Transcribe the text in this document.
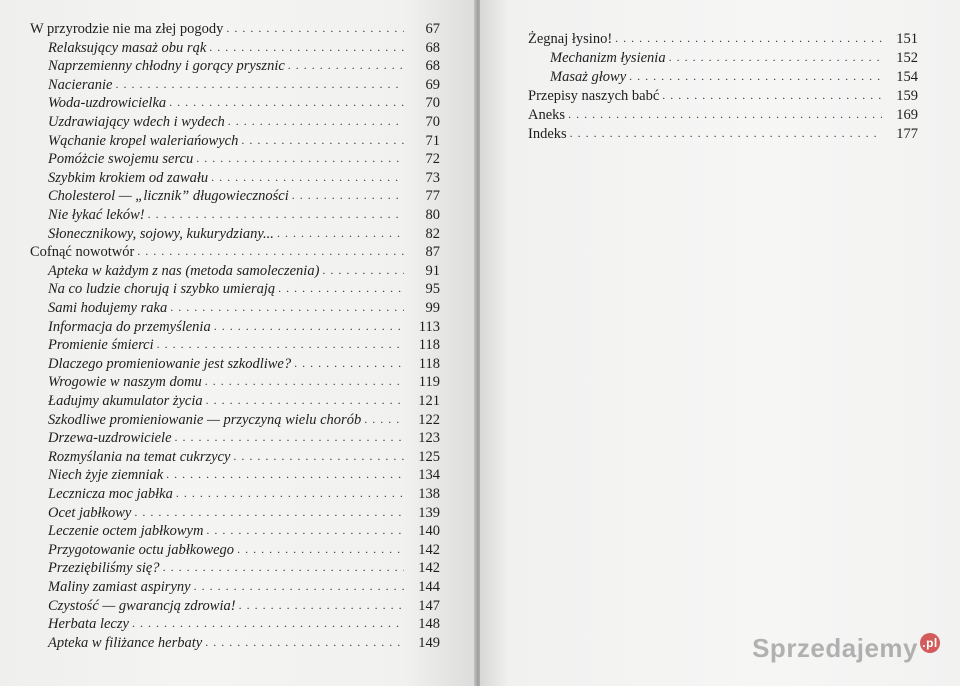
W przyrodzie nie ma złej pogody . . .	67
Relaksujący masaż obu rąk . . .	68
Naprzemienny chłodny i gorący prysznic . . .	68
Nacieranie . . .	69
Woda-uzdrowicielka . . .	70
Uzdrawiający wdech i wydech . . .	70
Wąchanie kropel waleriańowych . . .	71
Pomóżcie swojemu sercu . . .	72
Szybkim krokiem od zawału . . .	73
Cholesterol — „licznik” długowieczności . . .	77
Nie łykać leków! . . .	80
Słonecznikowy, sojowy, kukurydziany... . . .	82
Cofnąć nowotwór . . .	87
Apteka w każdym z nas (metoda samoleczenia) . . .	91
Na co ludzie chorują i szybko umierają . . .	95
Sami hodujemy raka . . .	99
Informacja do przemyślenia . . .	113
Promienie śmierci . . .	118
Dlaczego promieniowanie jest szkodliwe? . . .	118
Wrogowie w naszym domu . . .	119
Ładujmy akumulator życia . . .	121
Szkodliwe promieniowanie — przyczyną wielu chorób . . .	122
Drzewa-uzdrowiciele . . .	123
Rozmyślania na temat cukrzycy . . .	125
Niech żyje ziemniak . . .	134
Lecznicza moc jabłka . . .	138
Ocet jabłkowy . . .	139
Leczenie octem jabłkowym . . .	140
Przygotowanie octu jabłkowego . . .	142
Przeziębiliśmy się? . . .	142
Maliny zamiast aspiryny . . .	144
Czystość — gwarancją zdrowia! . . .	147
Herbata leczy . . .	148
Apteka w filiżance herbaty . . .	149
Żegnaj łysino! . . .	151
Mechanizm łysienia . . .	152
Masaż głowy . . .	154
Przepisy naszych babć . . .	159
Aneks . . .	169
Indeks . . .	177
Sprzedajemy .pl
